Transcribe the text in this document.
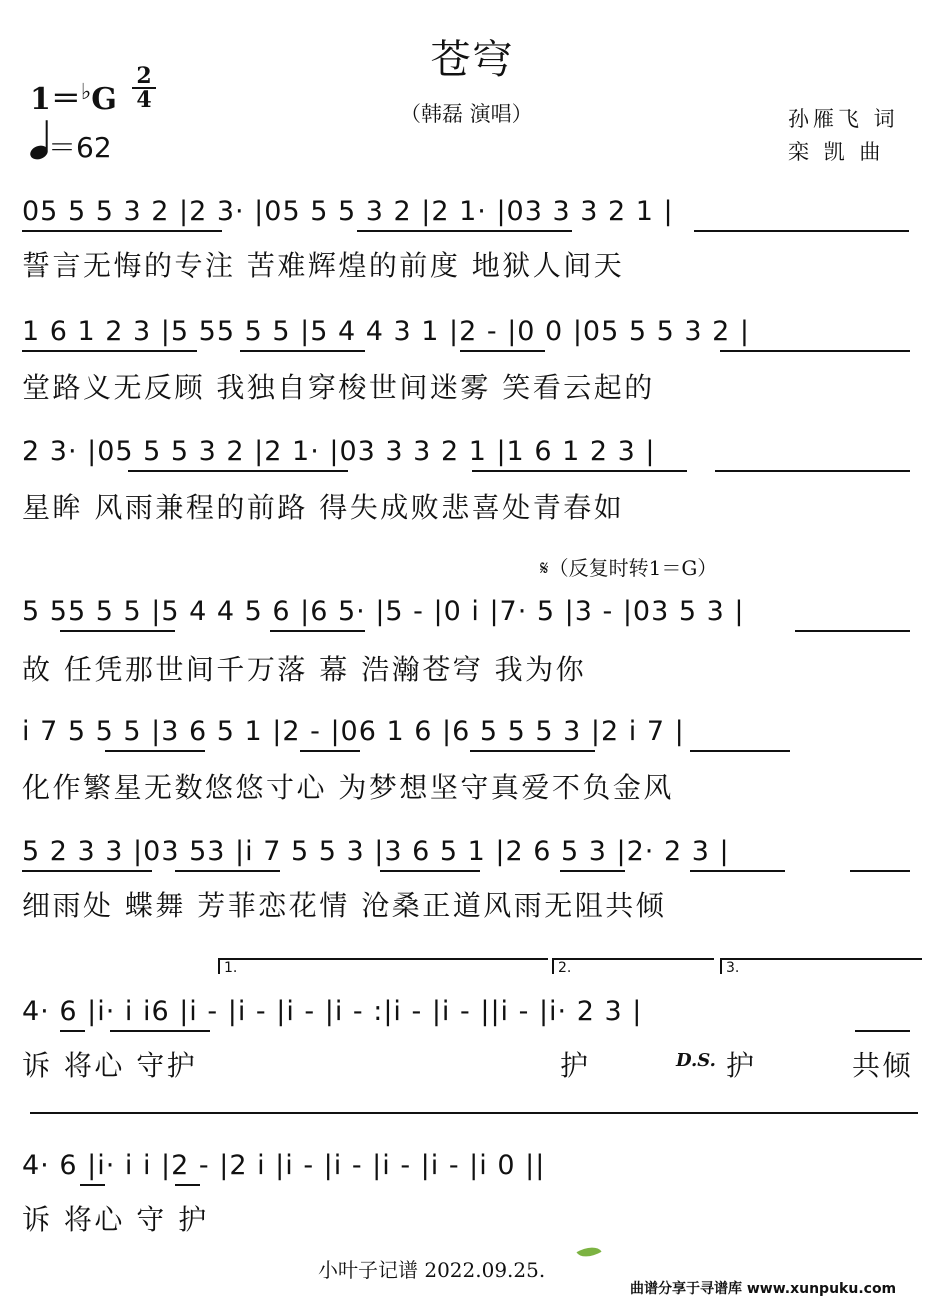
苍穹
（韩磊 演唱）
1＝♭G
2
4
＝62
孙雁飞 词
栾 凯 曲
05 5 5 3 2 |2 3· |05 5 5 3 2 |2 1· |03 3 3 2 1 |
誓言无悔的专注 苦难辉煌的前度 地狱人间天
1 6 1 2 3 |5 55 5 5 |5 4 4 3 1 |2 - |0 0 |05 5 5 3 2 |
堂路义无反顾 我独自穿梭世间迷雾 笑看云起的
2 3· |05 5 5 3 2 |2 1· |03 3 3 2 1 |1 6 1 2 3 |
星眸 风雨兼程的前路 得失成败悲喜处青春如
𝄋（反复时转1＝G）
5 55 5 5 |5 4 4 5 6 |6 5· |5 - |0 i |7· 5 |3 - |03 5 3 |
故 任凭那世间千万落 幕 浩瀚苍穹 我为你
i 7 5 5 5 |3 6 5 1 |2 - |06 1 6 |6 5 5 5 3 |2 i 7 |
化作繁星无数悠悠寸心 为梦想坚守真爱不负金风
5 2 3 3 |03 53 |i 7 5 5 3 |3 6 5 1 |2 6 5 3 |2· 2 3 |
细雨处 蝶舞 芳菲恋花情 沧桑正道风雨无阻共倾
1.	2.	3.
4· 6 |i· i i6 |i - |i - |i - |i - :|i - |i - ||i - |i· 2 3 |
诉 将心 守护	护	D.S. 护	共倾
4· 6 |i· i i |2 - |2 i |i - |i - |i - |i - |i 0 ||
诉 将心 守 护
小叶子记谱 2022.09.25.
曲谱分享于寻谱库 www.xunpuku.com
